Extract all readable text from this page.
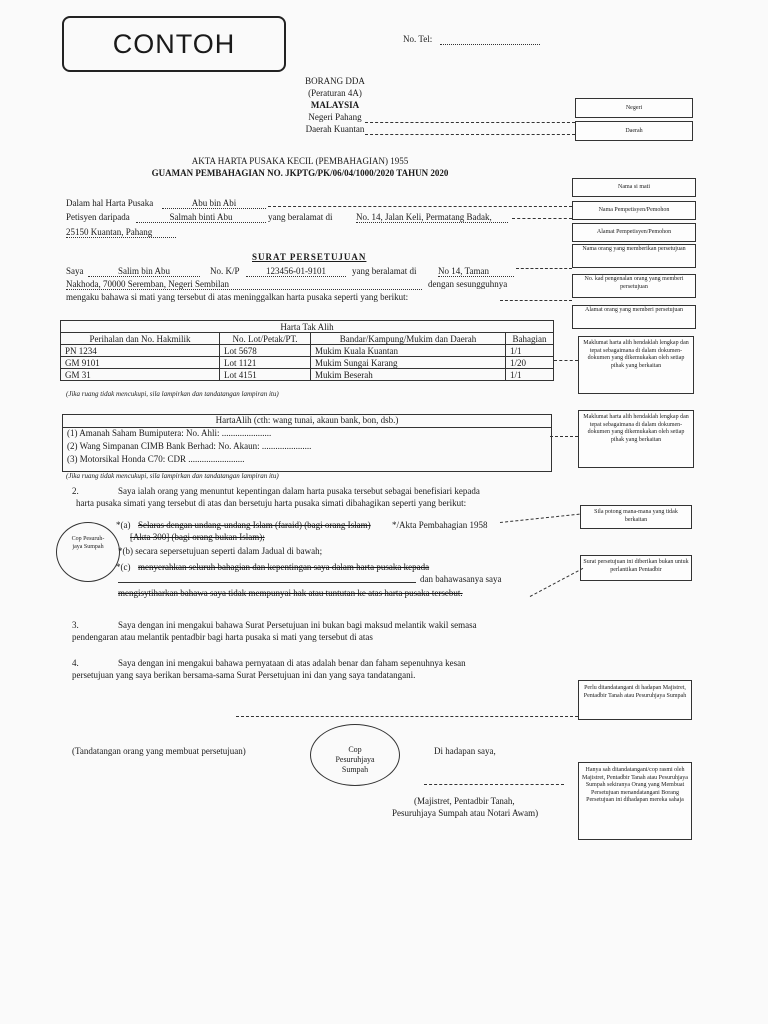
CONTOH	No. Tel:
BORANG DDA
(Peraturan 4A)
MALAYSIA
Negeri Pahang
Daerah Kuantan
Negeri
Daerah
AKTA HARTA PUSAKA KECIL (PEMBAHAGIAN) 1955
GUAMAN PEMBAHAGIAN NO. JKPTG/PK/06/04/1000/2020 TAHUN 2020
Dalam hal Harta Pusaka	Abu bin Abi
Petisyen daripada	Salmah binti Abu	yang beralamat di	No. 14, Jalan Keli, Permatang Badak,
25150 Kuantan, Pahang
Nama si mati
Nama Pempetisyen/Pemohon
Alamat Pempetisyen/Pemohon
SURAT PERSETUJUAN
Saya	Salim bin Abu	No. K/P	123456-01-9101	yang beralamat di No 14, Taman
Nakhoda, 70000 Seremban, Negeri Sembilan	dengan sesungguhnya
mengaku bahawa si mati yang tersebut di atas meninggalkan harta pusaka seperti yang berikut:
Nama orang yang memberikan persetujuan
No. kad pengenalan orang yang memberi persetujuan
Alamat orang yang memberi persetujuan
Harta Tak Alih			
Perihalan dan No. Hakmilik	No. Lot/Petak/PT.	Bandar/Kampung/Mukim dan Daerah	Bahagian
PN 1234	Lot 5678	Mukim Kuala Kuantan	1/1
GM 9101	Lot 1121	Mukim Sungai Karang	1/20
GM 31	Lot 4151	Mukim Beserah	1/1
(Jika ruang tidak mencukupi, sila lampirkan dan tandatangan lampiran itu)
Maklumat harta alih hendaklah lengkap dan tepat sebagaimana di dalam dokumen-dokumen yang dikemukakan oleh setiap pihak yang berkaitan
HartaAlih (cth: wang tunai, akaun bank, bon, dsb.)
(1) Amanah Saham Bumiputera: No. Ahli: ......................
(2) Wang Simpanan CIMB Bank Berhad: No. Akaun: ......................
(3) Motorsikal Honda C70: CDR .........................
(Jika ruang tidak mencukupi, sila lampirkan dan tandatangan lampiran itu)
Maklumat harta alih hendaklah lengkap dan tepat sebagaimana di dalam dokumen-dokumen yang dikemukakan oleh setiap pihak yang berkaitan
2.	Saya ialah orang yang menuntut kepentingan dalam harta pusaka tersebut sebagai benefisiari kepada
harta pusaka simati yang tersebut di atas dan bersetuju harta pusaka simati dibahagikan seperti yang berikut:
Cop Pesuruh-jaya Sumpah
*(a) Selaras dengan undang-undang Islam (faraid) (bagi orang Islam) */Akta Pembahagian 1958
[Akta 300] (bagi orang bukan Islam);
*(b) secara sepersetujuan seperti dalam Jadual di bawah;
*(c) menyerahkan seluruh bahagian dan kepentingan saya dalam harta pusaka kepada
dan bahawasanya saya
mengisytiharkan bahawa saya tidak mempunyai hak atau tuntutan ke atas harta pusaka tersebut.
Sila potong mana-mana yang tidak berkaitan
Surat persetujuan ini diberikan bukan untuk perlantikan Pentadbir
3.	Saya dengan ini mengakui bahawa Surat Persetujuan ini bukan bagi maksud melantik wakil semasa
pendengaran atau melantik pentadbir bagi harta pusaka si mati yang tersebut di atas
4.	Saya dengan ini mengakui bahawa pernyataan di atas adalah benar dan faham sepenuhnya kesan
persetujuan yang saya berikan bersama-sama Surat Persetujuan ini dan yang saya tandatangani.
Perlu ditandatangani di hadapan Majistret, Pentadbir Tanah atau Pesuruhjaya Sumpah
(Tandatangan orang yang membuat persetujuan)	Cop Pesuruhjaya Sumpah
Di hadapan saya,
(Majistret, Pentadbir Tanah,
Pesuruhjaya Sumpah atau Notari Awam)
Hanya sah ditandatangani/cop rasmi oleh Majistret, Pentadbir Tanah atau Pesuruhjaya Sumpah sekiranya Orang yang Membuat Persetujuan menandatangani Borang Persetujuan ini dihadapan mereka sahaja
